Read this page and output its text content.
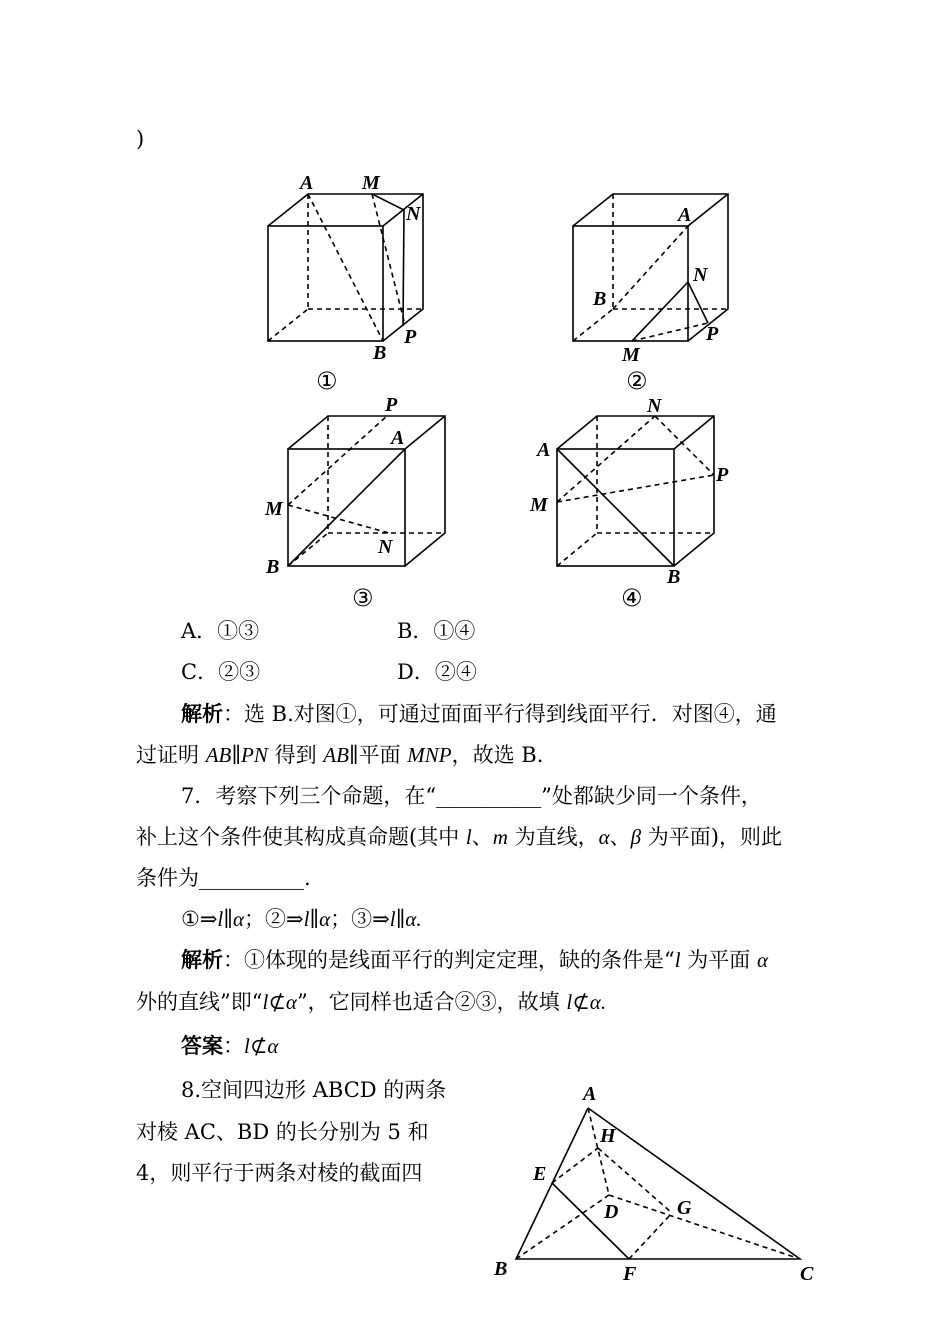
)
A M
N
B
P
①
A
N
B
P
M
②
P
A
M
N
B
③
N
A
P
M
B
④
A
H
E
D	G
B	F	C
A．①③	B．①④
C．②③	D．②④
解析：选 B.对图①，可通过面面平行得到线面平行．对图④，通
过证明 AB∥PN 得到 AB∥平面 MNP，故选 B.
7．考察下列三个命题，在“__________”处都缺少同一个条件，
补上这个条件使其构成真命题(其中 l、m 为直线，α、β 为平面)，则此
条件为__________.
①⇒l∥α；②⇒l∥α；③⇒l∥α.
解析：①体现的是线面平行的判定定理，缺的条件是“l 为平面 α
外的直线”即“l⊄α”，它同样也适合②③，故填 l⊄α.
答案：l⊄α
8.空间四边形 ABCD 的两条
对棱 AC、BD 的长分别为 5 和
4，则平行于两条对棱的截面四
